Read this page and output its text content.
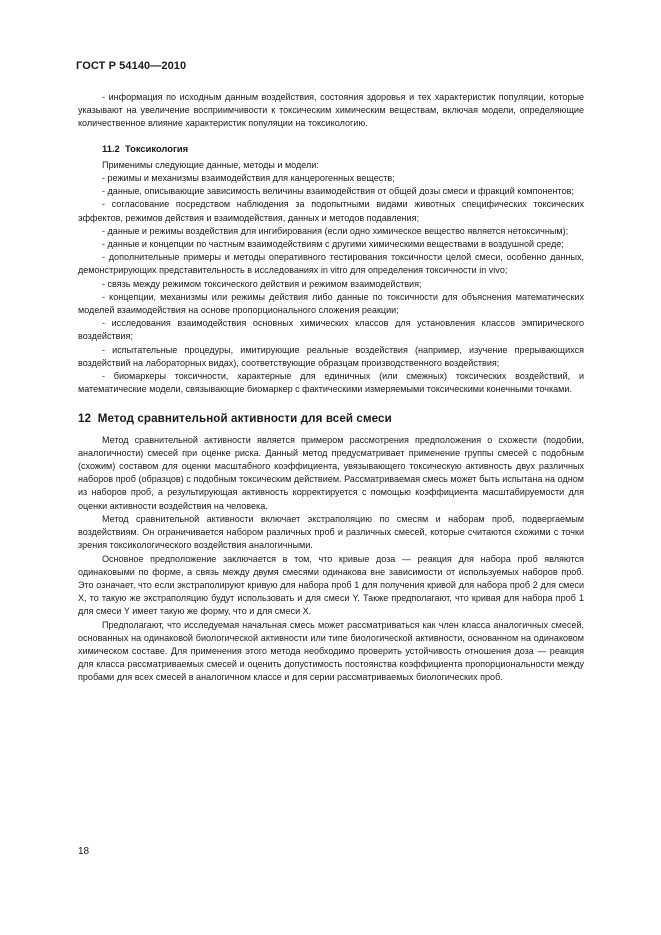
ГОСТ Р 54140—2010

- информация по исходным данным воздействия, состояния здоровья и тех характеристик популяции, которые указывают на увеличение восприимчивости к токсическим химическим веществам, включая модели, определяющие количественное влияние характеристик популяции на токсикологию.

11.2 Токсикология

Применимы следующие данные, методы и модели:

- режимы и механизмы взаимодействия для канцерогенных веществ;

- данные, описывающие зависимость величины взаимодействия от общей дозы смеси и фракций компонентов;

- согласование посредством наблюдения за подопытными видами животных специфических токсических эффектов, режимов действия и взаимодействия, данных и методов подавления;

- данные и режимы воздействия для ингибирования (если одно химическое вещество является нетоксичным);

- данные и концепции по частным взаимодействиям с другими химическими веществами в воздушной среде;

- дополнительные примеры и методы оперативного тестирования токсичности целой смеси, особенно данных, демонстрирующих представительность в исследованиях in vitro для определения токсичности in vivo;

- связь между режимом токсического действия и режимом взаимодействия;

- концепции, механизмы или режимы действия либо данные по токсичности для объяснения математических моделей взаимодействия на основе пропорционального сложения реакции;

- исследования взаимодействия основных химических классов для установления классов эмпирического воздействия;

- испытательные процедуры, имитирующие реальные воздействия (например, изучение прерывающихся воздействий на лабораторных видах), соответствующие образцам производственного воздействия;

- биомаркеры токсичности, характерные для единичных (или смежных) токсических воздействий, и математические модели, связывающие биомаркер с фактическими измеряемыми токсическими конечными точками.

12 Метод сравнительной активности для всей смеси

Метод сравнительной активности является примером рассмотрения предположения о схожести (подобии, аналогичности) смесей при оценке риска. Данный метод предусматривает применение группы смесей с подобным (схожим) составом для оценки масштабного коэффициента, увязывающего токсическую активность двух различных наборов проб (образцов) с подобным токсическим действием. Рассматриваемая смесь может быть испытана на одном из наборов проб, а результирующая активность корректируется с помощью коэффициента масштабируемости для оценки активности воздействия на человека.

Метод сравнительной активности включает экстраполяцию по смесям и наборам проб, подвергаемым воздействиям. Он ограничивается набором различных проб и различных смесей, которые считаются схожими с точки зрения токсикологического воздействия аналогичными.

Основное предположение заключается в том, что кривые доза — реакция для набора проб являются одинаковыми по форме, а связь между двумя смесями одинакова вне зависимости от используемых наборов проб. Это означает, что если экстраполируют кривую для набора проб 1 для получения кривой для набора проб 2 для смеси X, то такую же экстраполяцию будут использовать и для смеси Y. Также предполагают, что кривая для набора проб 1 для смеси Y имеет такую же форму, что и для смеси X.

Предполагают, что исследуемая начальная смесь может рассматриваться как член класса аналогичных смесей, основанных на одинаковой биологической активности или типе биологической активности, основанном на одинаковом химическом составе. Для применения этого метода необходимо проверить устойчивость отношения доза — реакция для класса рассматриваемых смесей и оценить допустимость постоянства коэффициента пропорциональности между пробами для всех смесей в аналогичном классе и для серии рассматриваемых биологических проб.

18
